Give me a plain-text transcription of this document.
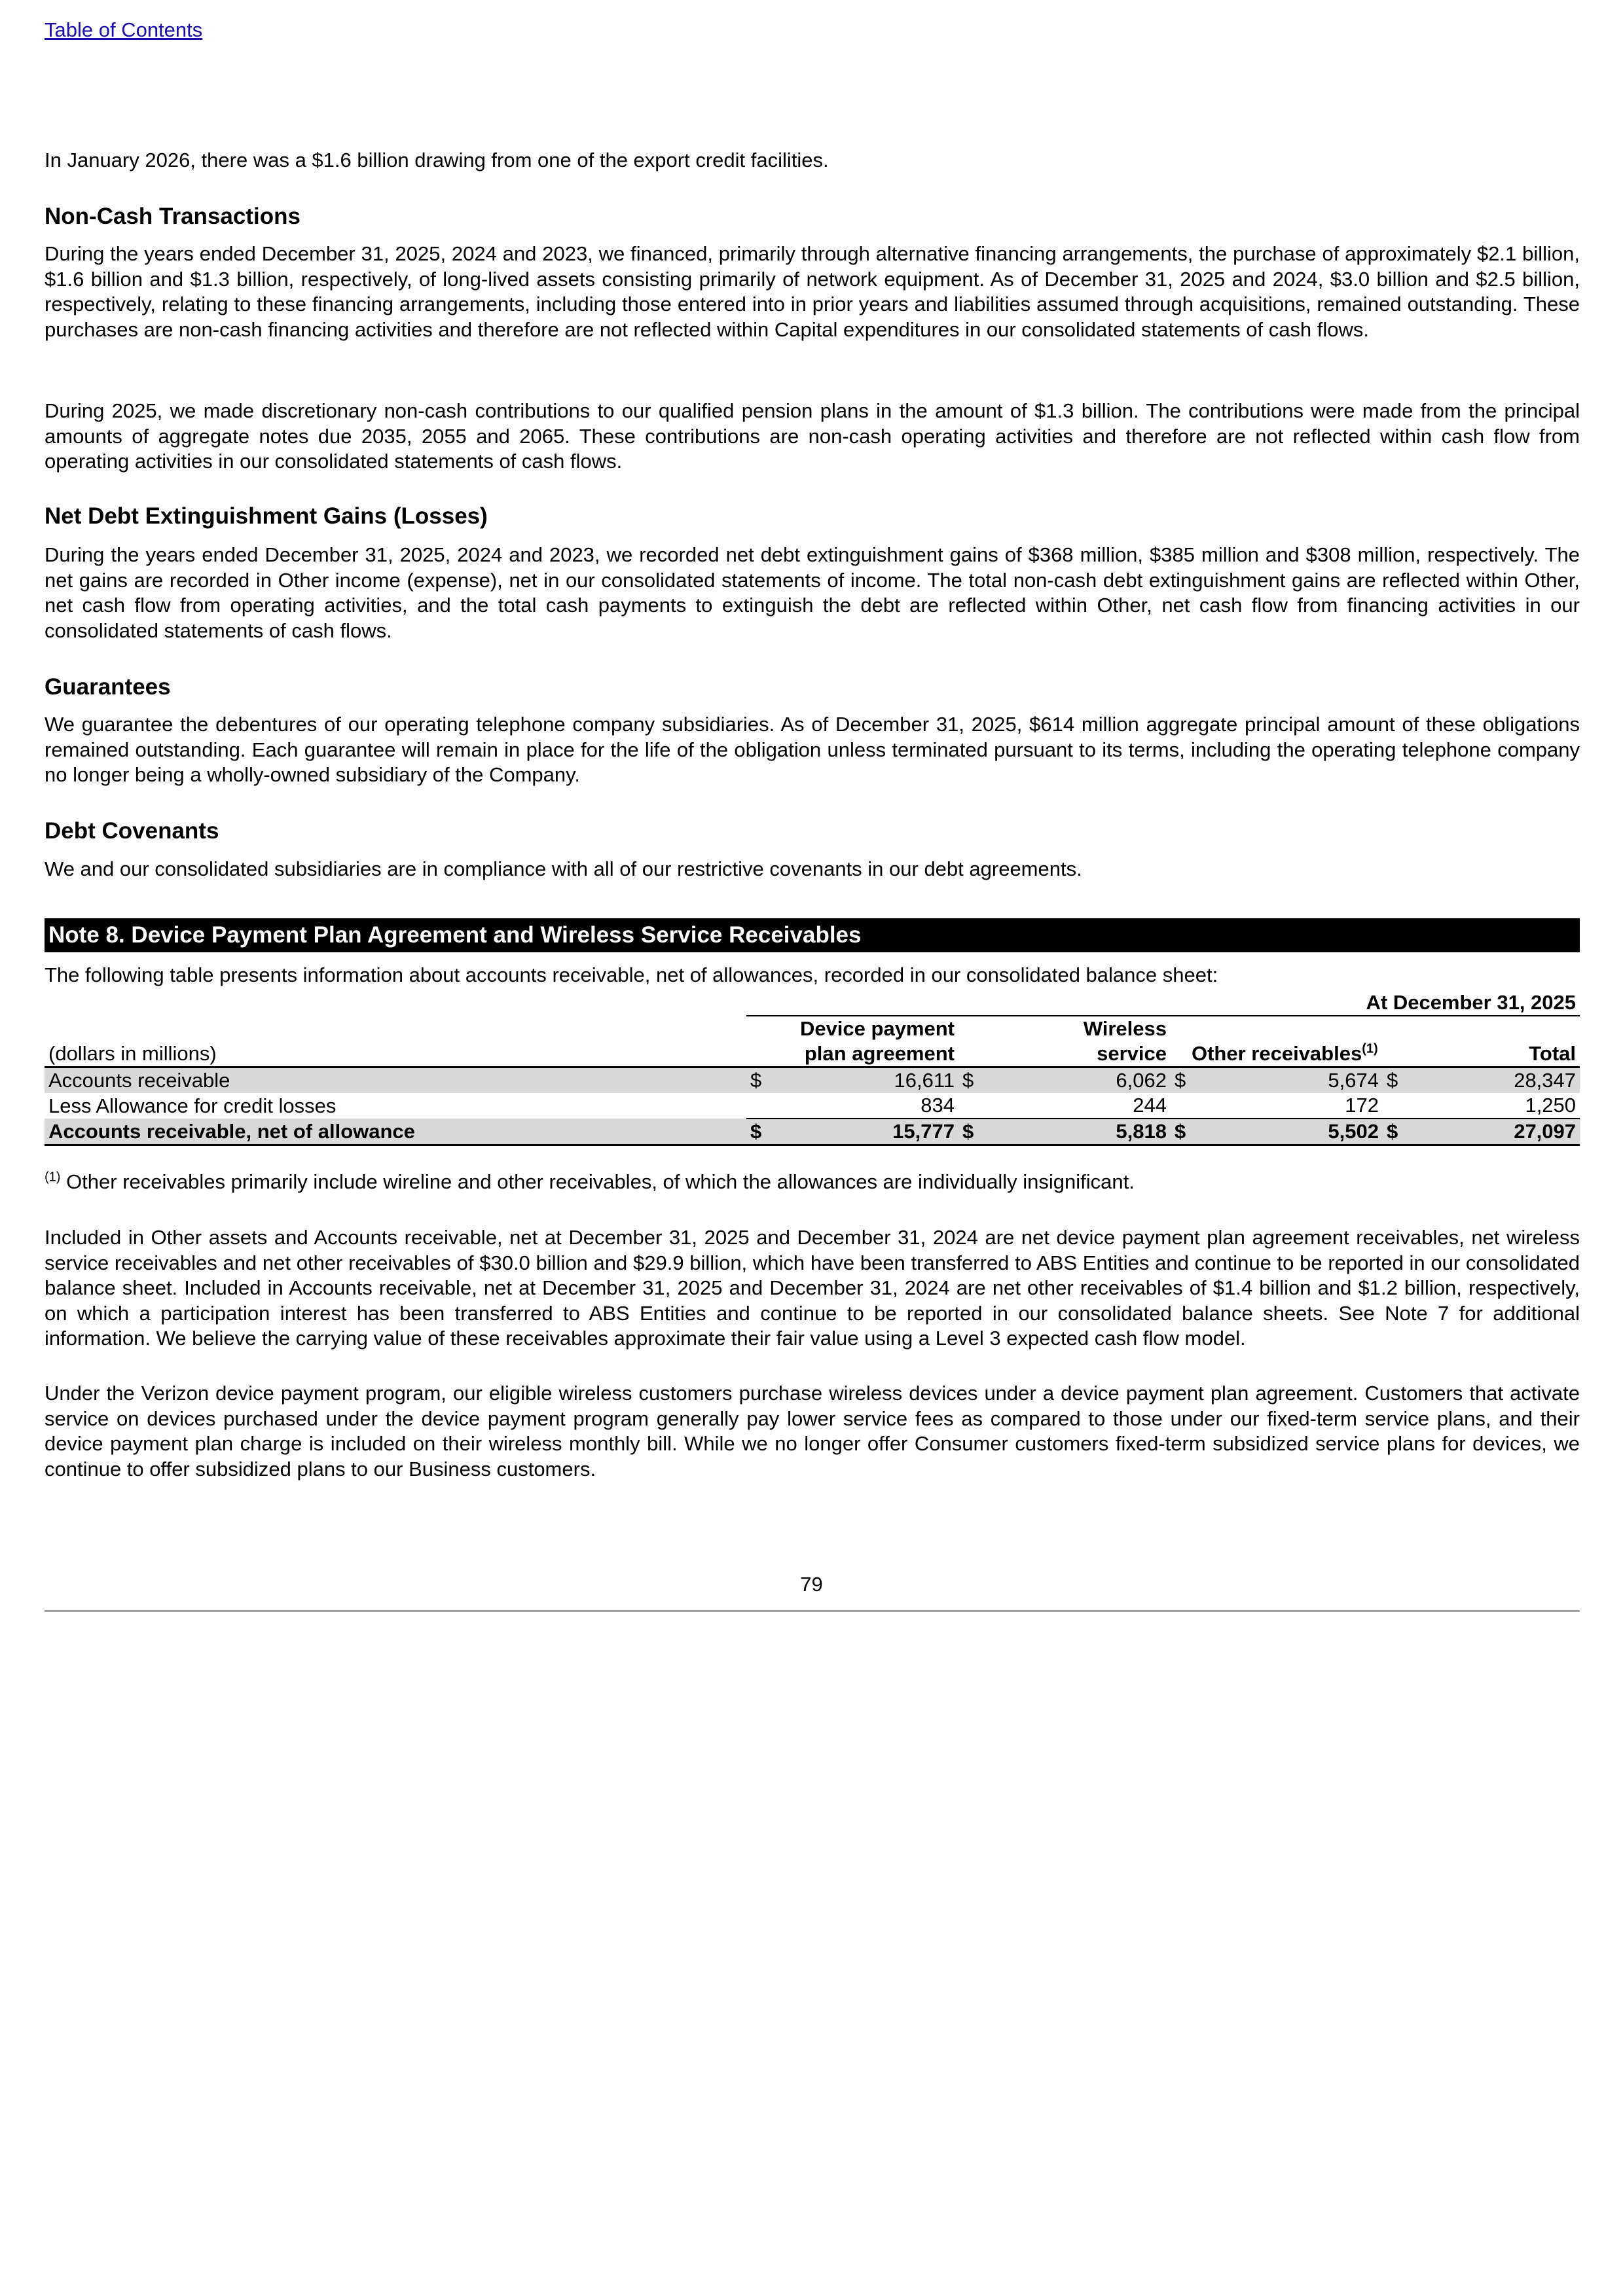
Table of Contents

In January 2026, there was a $1.6 billion drawing from one of the export credit facilities.

Non-Cash Transactions

During the years ended December 31, 2025, 2024 and 2023, we financed, primarily through alternative financing arrangements, the purchase of approximately $2.1 billion, $1.6 billion and $1.3 billion, respectively, of long-lived assets consisting primarily of network equipment. As of December 31, 2025 and 2024, $3.0 billion and $2.5 billion, respectively, relating to these financing arrangements, including those entered into in prior years and liabilities assumed through acquisitions, remained outstanding. These purchases are non-cash financing activities and therefore are not reflected within Capital expenditures in our consolidated statements of cash flows.

During 2025, we made discretionary non-cash contributions to our qualified pension plans in the amount of $1.3 billion. The contributions were made from the principal amounts of aggregate notes due 2035, 2055 and 2065. These contributions are non-cash operating activities and therefore are not reflected within cash flow from operating activities in our consolidated statements of cash flows.

Net Debt Extinguishment Gains (Losses)

During the years ended December 31, 2025, 2024 and 2023, we recorded net debt extinguishment gains of $368 million, $385 million and $308 million, respectively. The net gains are recorded in Other income (expense), net in our consolidated statements of income. The total non-cash debt extinguishment gains are reflected within Other, net cash flow from operating activities, and the total cash payments to extinguish the debt are reflected within Other, net cash flow from financing activities in our consolidated statements of cash flows.

Guarantees

We guarantee the debentures of our operating telephone company subsidiaries. As of December 31, 2025, $614 million aggregate principal amount of these obligations remained outstanding. Each guarantee will remain in place for the life of the obligation unless terminated pursuant to its terms, including the operating telephone company no longer being a wholly-owned subsidiary of the Company.

Debt Covenants

We and our consolidated subsidiaries are in compliance with all of our restrictive covenants in our debt agreements.

Note 8. Device Payment Plan Agreement and Wireless Service Receivables

The following table presents information about accounts receivable, net of allowances, recorded in our consolidated balance sheet:

	At December 31, 2025							
		Device payment		Wireless				
(dollars in millions)		plan agreement		service		Other receivables$^{(1)}$		Total
Accounts receivable	$	16,611	$	6,062	$	5,674	$	28,347
Less Allowance for credit losses		834		244		172		1,250
Accounts receivable, net of allowance	$	15,777	$	5,818	$	5,502	$	27,097
$^{(1)}$ Other receivables primarily include wireline and other receivables, of which the allowances are individually insignificant.

Included in Other assets and Accounts receivable, net at December 31, 2025 and December 31, 2024 are net device payment plan agreement receivables, net wireless service receivables and net other receivables of $30.0 billion and $29.9 billion, which have been transferred to ABS Entities and continue to be reported in our consolidated balance sheet. Included in Accounts receivable, net at December 31, 2025 and December 31, 2024 are net other receivables of $1.4 billion and $1.2 billion, respectively, on which a participation interest has been transferred to ABS Entities and continue to be reported in our consolidated balance sheets. See Note 7 for additional information. We believe the carrying value of these receivables approximate their fair value using a Level 3 expected cash flow model.

Under the Verizon device payment program, our eligible wireless customers purchase wireless devices under a device payment plan agreement. Customers that activate service on devices purchased under the device payment program generally pay lower service fees as compared to those under our fixed-term service plans, and their device payment plan charge is included on their wireless monthly bill. While we no longer offer Consumer customers fixed-term subsidized service plans for devices, we continue to offer subsidized plans to our Business customers.

79
